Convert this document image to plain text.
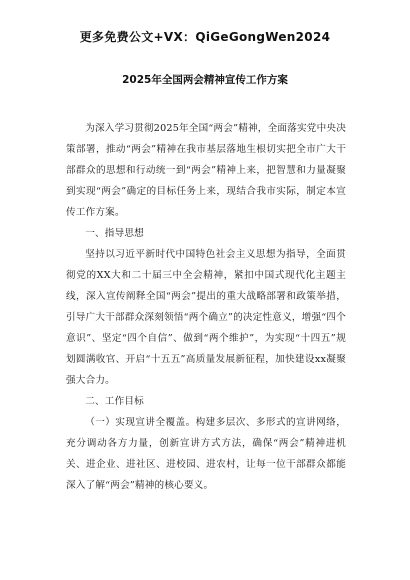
更多免费公文+VX：QiGeGongWen2024
2025年全国两会精神宣传工作方案

为深入学习贯彻2025年全国“两会”精神，全面落实党中央决策部署，推动“两会”精神在我市基层落地生根切实把全市广大干部群众的思想和行动统一到“两会”精神上来，把智慧和力量凝聚到实现“两会”确定的目标任务上来，现结合我市实际，制定本宣传工作方案。

一、指导思想

坚持以习近平新时代中国特色社会主义思想为指导，全面贯彻党的XX大和二十届三中全会精神，紧扣中国式现代化主题主线，深入宣传阐释全国“两会”提出的重大战略部署和政策举措，引导广大干部群众深刻领悟“两个确立”的决定性意义，增强“四个意识”、坚定“四个自信”、做到“两个维护”，为实现“十四五”规划圆满收官、开启“十五五”高质量发展新征程，加快建设xx凝聚强大合力。

二、工作目标

（一）实现宣讲全覆盖。构建多层次、多形式的宣讲网络，充分调动各方力量，创新宣讲方式方法，确保“两会”精神进机关、进企业、进社区、进校园、进农村，让每一位干部群众都能深入了解“两会”精神的核心要义。
